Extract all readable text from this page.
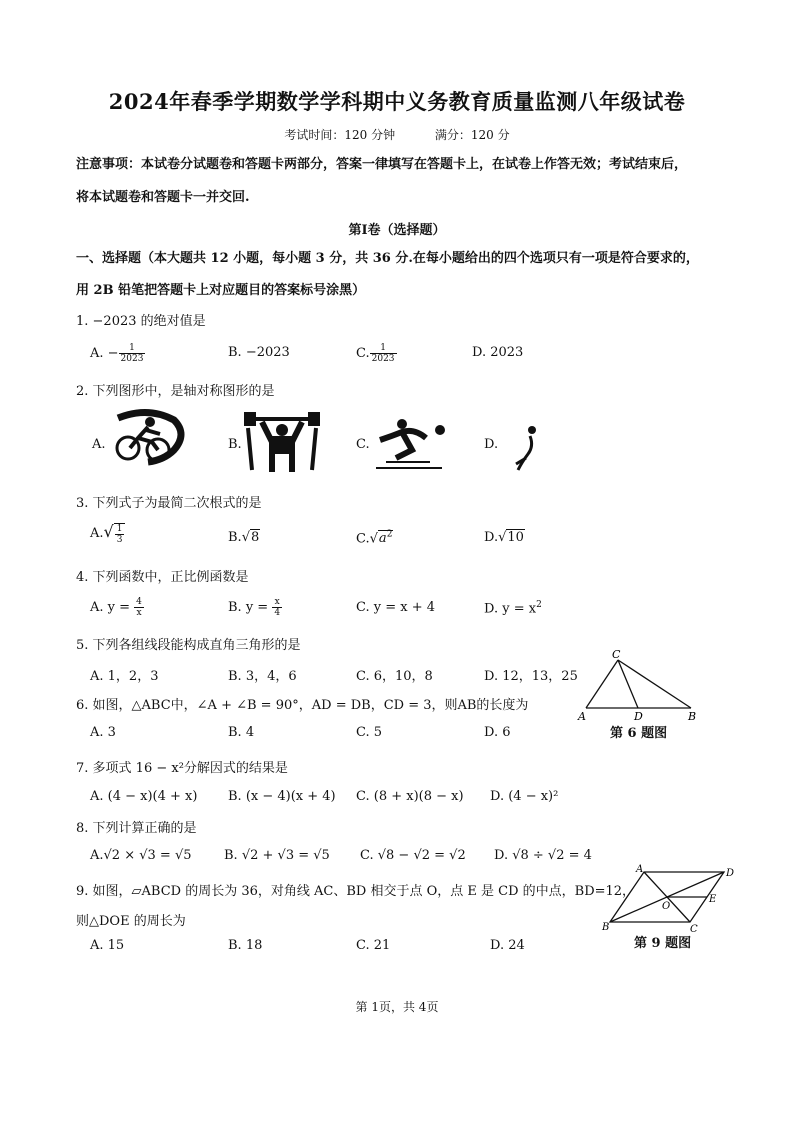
2024年春季学期数学学科期中义务教育质量监测八年级试卷
考试时间：120 分钟	满分：120 分
注意事项：本试卷分试题卷和答题卡两部分，答案一律填写在答题卡上，在试卷上作答无效；考试结束后，
将本试题卷和答题卡一并交回.
第Ⅰ卷（选择题）
一、选择题（本大题共 12 小题，每小题 3 分，共 36 分.在每小题给出的四个选项只有一项是符合要求的，
用 2B 铅笔把答题卡上对应题目的答案标号涂黑）
1. −2023 的绝对值是
A. − $\frac{1}{2023}$	B. −2023	C. $\frac{1}{2023}$	D. 2023
2. 下列图形中，是轴对称图形的是
A.	B.	C.	D.
3. 下列式子为最简二次根式的是
$A.√ \frac{1}{3}$	B.√8	$C.√a^2$	D.√10
4. 下列函数中，正比例函数是
A. $y = \frac{4}{x}$	B. $y = \frac{x}{4}$	C. y = x + 4	D. $y = x^2$
5. 下列各组线段能构成直角三角形的是
A. 1，2，3	B. 3，4，6	C. 6，10，8	D. 12，13，25
A
C
D	B
第 6 题图
6. 如图，△ABC中，∠A + ∠B = 90°，AD = DB，CD = 3，则AB的长度为
A. 3	B. 4	C. 5	D. 6
7. 多项式 16 − x²分解因式的结果是
A. (4 − x)(4 + x) B. (x − 4)(x + 4) C. (8 + x)(8 − x) D. (4 − x)²
8. 下列计算正确的是
A.√2 × √3 = √5	B. √2 + √3 = √5 C. √8 − √2 = √2 D. √8 ÷ √2 = 4
A	D
B	C
O
E
第 9 题图
9. 如图，▱ABCD 的周长为 36，对角线 AC、BD 相交于点 O，点 E 是 CD 的中点，BD=12，
则△DOE 的周长为
A. 15	B. 18	C. 21	D. 24
第 1页，共 4页
